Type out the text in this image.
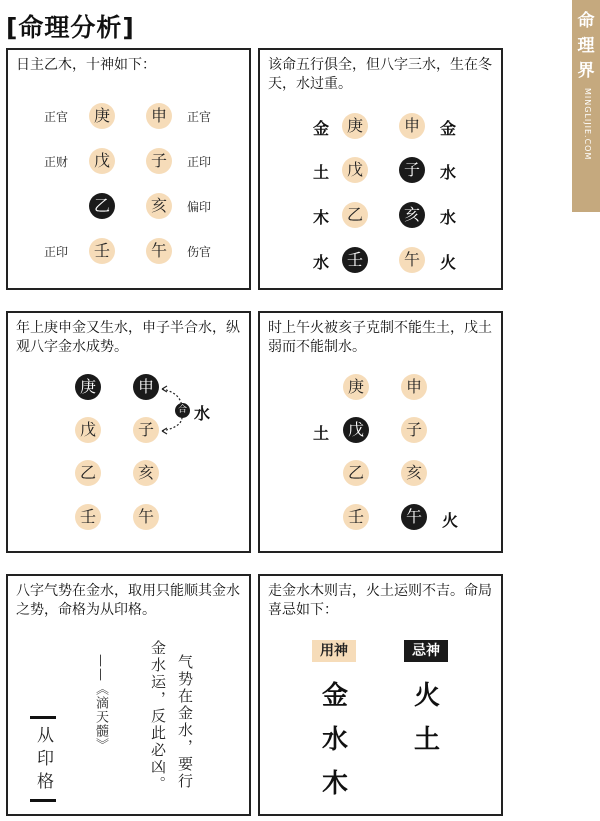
[命理分析]	命
理
界
MINGLIJIE.COM
日主乙木，十神如下：
正官
正财
正印
庚
戊
乙
壬
申
子
亥
午
正官
正印
偏印
伤官
该命五行俱全，但八字三水，生在冬天，水过重。
金
土
木
水
庚
戊
乙
壬
申
子
亥
午
金
水
水
火
年上庚申金又生水，申子半合水，纵观八字金水成势。
庚
戊
乙
壬
申
子
亥
午
合 水
时上午火被亥子克制不能生土，戊土弱而不能制水。
庚
戊
乙
壬
申
子
亥
午
土
火
八字气势在金水，取用只能顺其金水之势，命格为从印格。
气势在金水，要行
金水运，反此必凶。
——《滴天髓》
从印格
走金水木则吉，火土运则不吉。命局喜忌如下：
用神	忌神
金
水
木
火
土
